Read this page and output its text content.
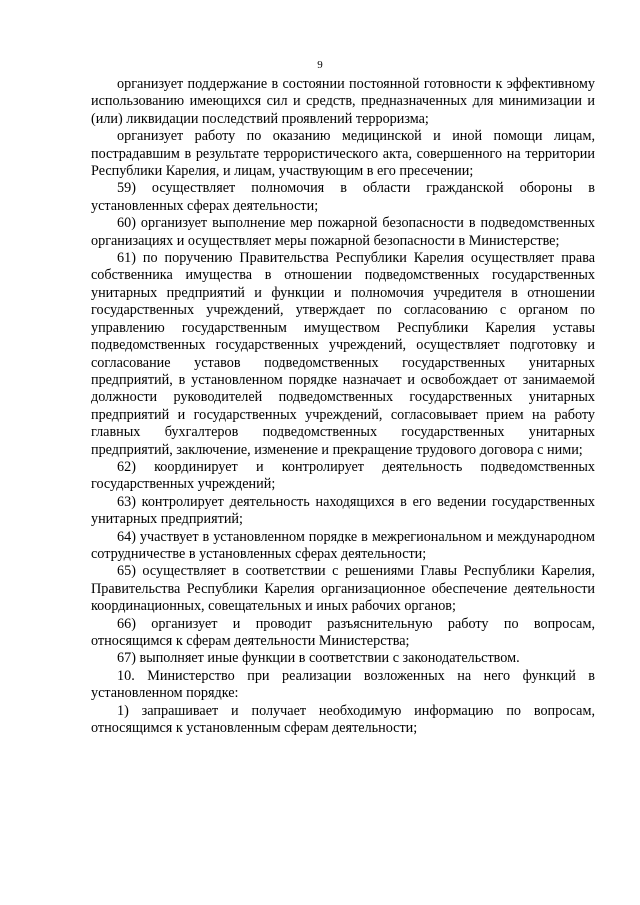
9

организует поддержание в состоянии постоянной готовности к эффективному использованию имеющихся сил и средств, предназначенных для минимизации и (или) ликвидации последствий проявлений терроризма;

организует работу по оказанию медицинской и иной помощи лицам, пострадавшим в результате террористического акта, совершенного на территории Республики Карелия, и лицам, участвующим в его пресечении;

59) осуществляет полномочия в области гражданской обороны в установленных сферах деятельности;

60) организует выполнение мер пожарной безопасности в подведомственных организациях и осуществляет меры пожарной безопасности в Министерстве;

61) по поручению Правительства Республики Карелия осуществляет права собственника имущества в отношении подведомственных государственных унитарных предприятий и функции и полномочия учредителя в отношении государственных учреждений, утверждает по согласованию с органом по управлению государственным имуществом Республики Карелия уставы подведомственных государственных учреждений, осуществляет подготовку и согласование уставов подведомственных государственных унитарных предприятий, в установленном порядке назначает и освобождает от занимаемой должности руководителей подведомственных государственных унитарных предприятий и государственных учреждений, согласовывает прием на работу главных бухгалтеров подведомственных государственных унитарных предприятий, заключение, изменение и прекращение трудового договора с ними;

62) координирует и контролирует деятельность подведомственных государственных учреждений;

63) контролирует деятельность находящихся в его ведении государственных унитарных предприятий;

64) участвует в установленном порядке в межрегиональном и международном сотрудничестве в установленных сферах деятельности;

65) осуществляет в соответствии с решениями Главы Республики Карелия, Правительства Республики Карелия организационное обеспечение деятельности координационных, совещательных и иных рабочих органов;

66) организует и проводит разъяснительную работу по вопросам, относящимся к сферам деятельности Министерства;

67) выполняет иные функции в соответствии с законодательством.

10. Министерство при реализации возложенных на него функций в установленном порядке:

1) запрашивает и получает необходимую информацию по вопросам, относящимся к установленным сферам деятельности;
